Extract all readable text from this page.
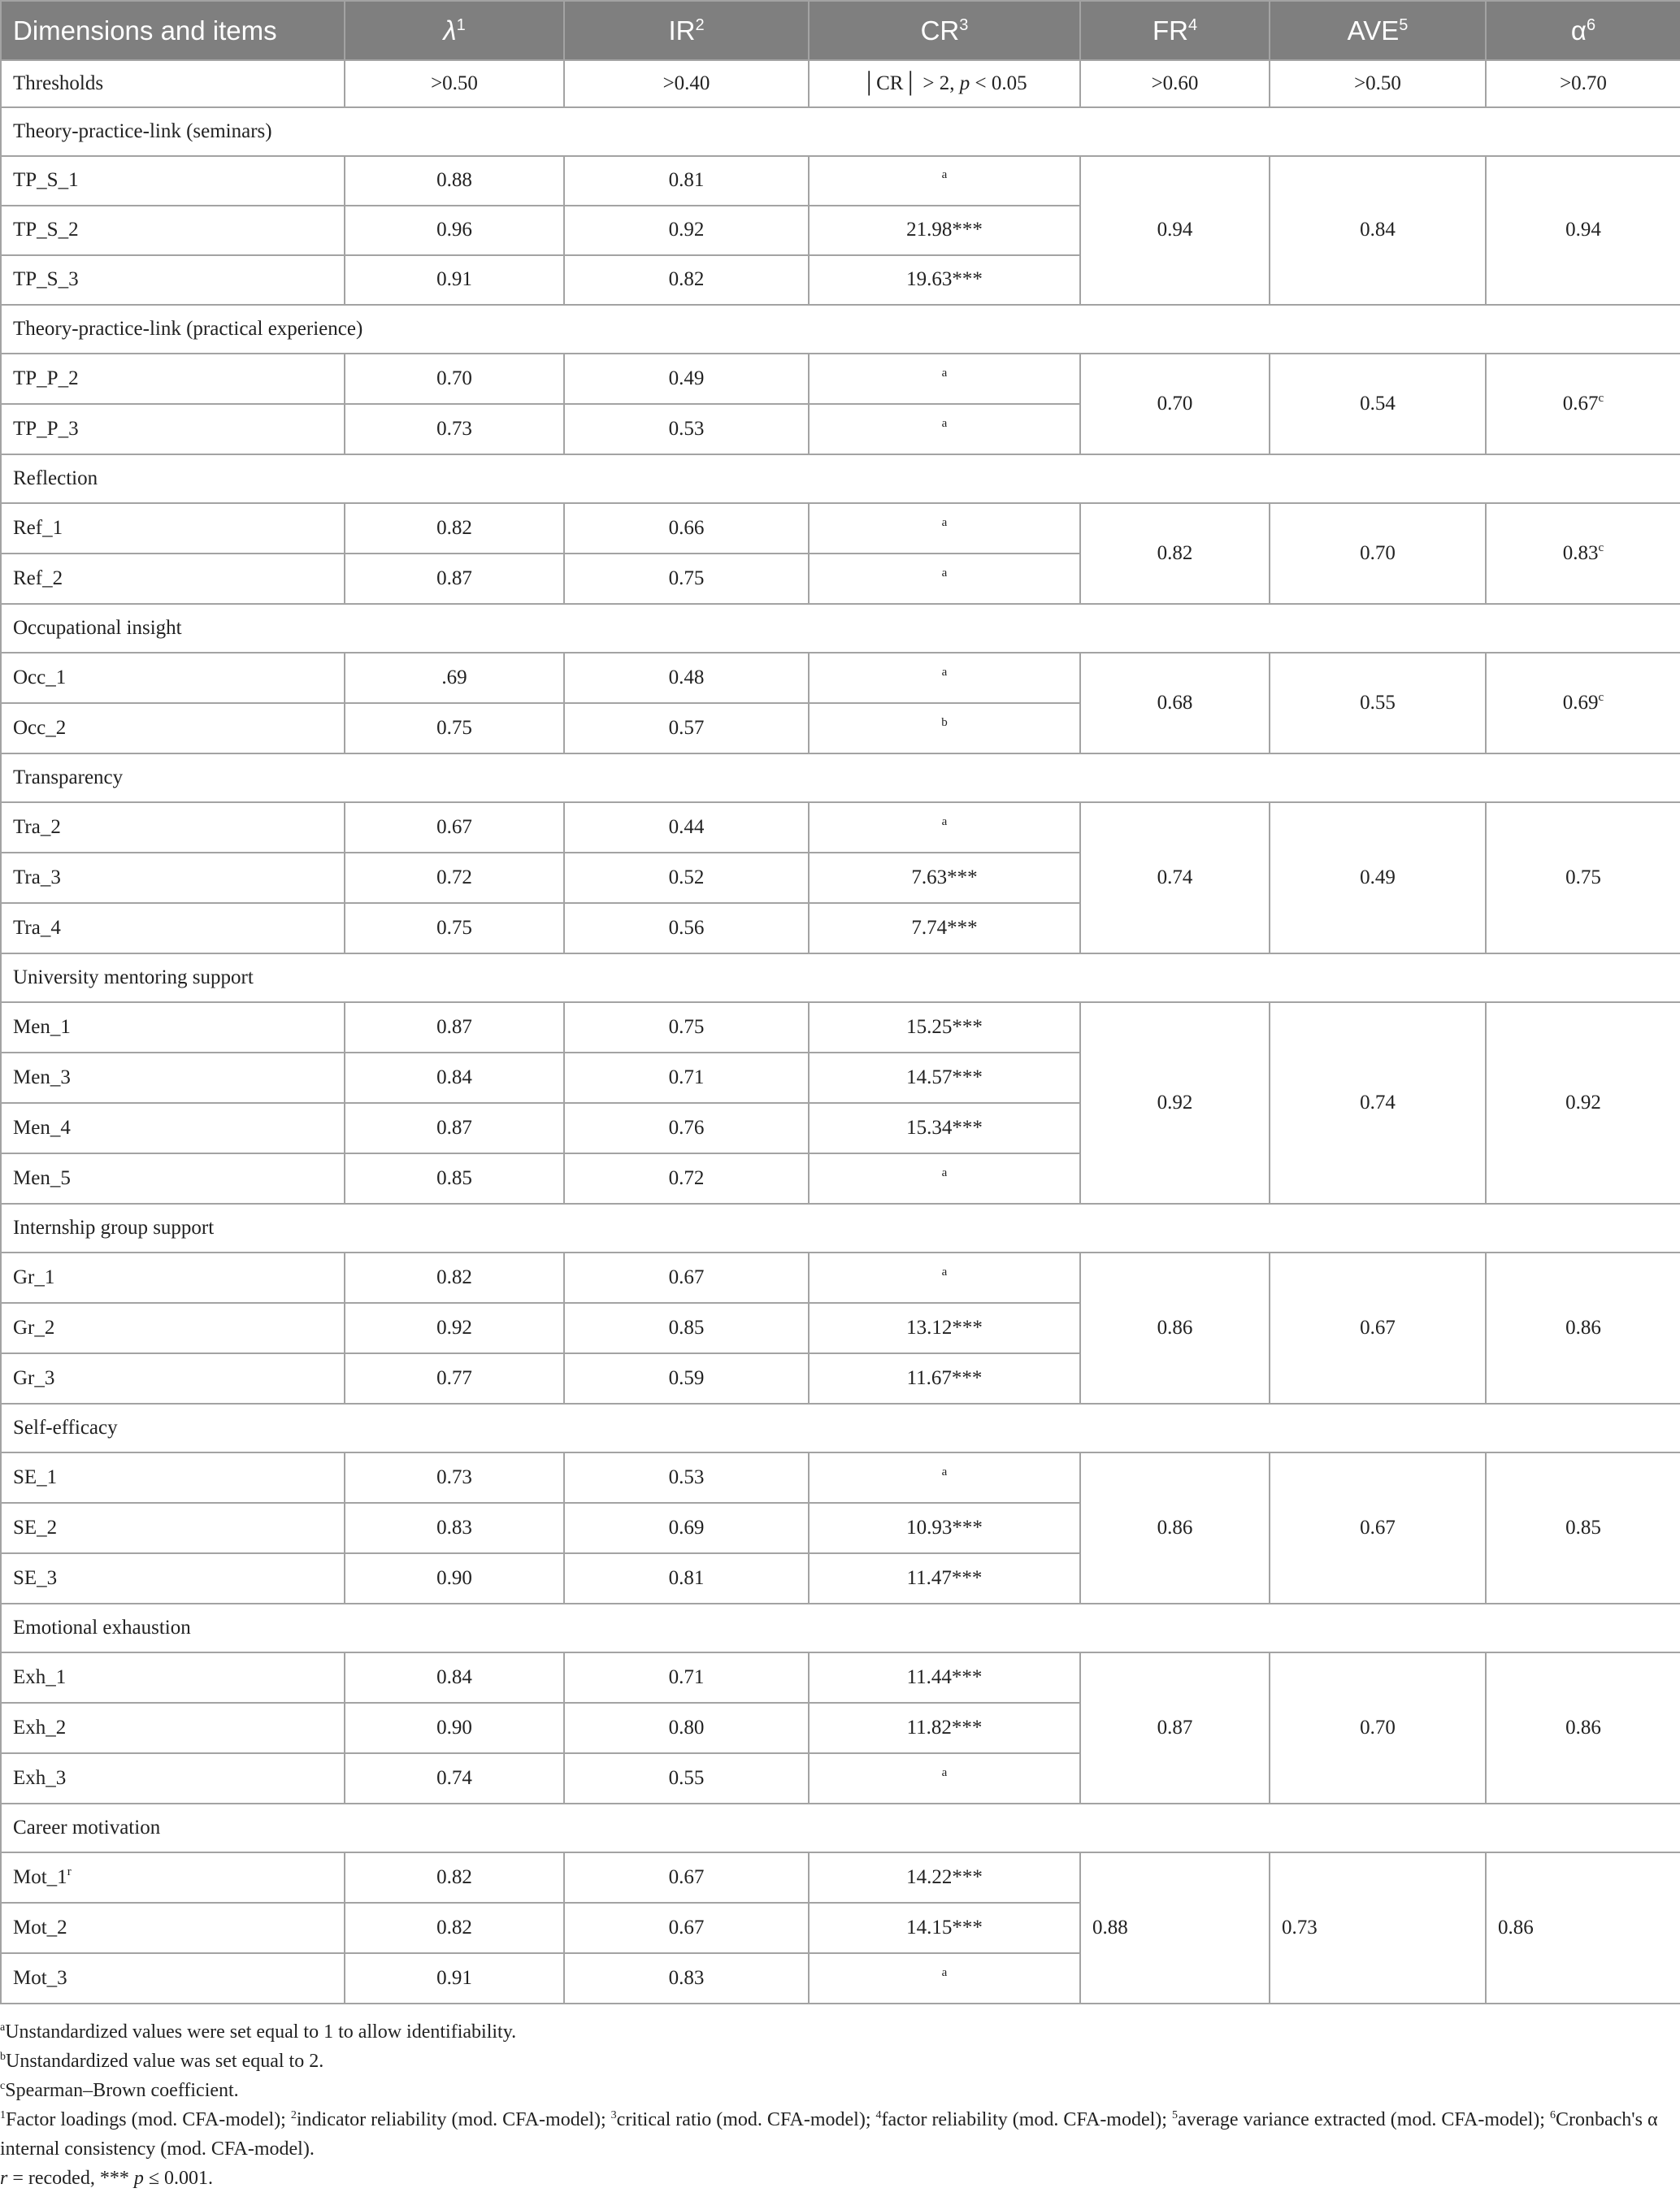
Dimensions and items	$\lambda^1$	$IR^2$	$CR^3$	$FR^4$	AVE$^5$	$\alpha^6$
Thresholds	>0.50	>0.40	│CR│ > 2, p < 0.05	>0.60	>0.50	>0.70
Theory-practice-link (seminars)						
TP_S_1	0.88	0.81	$^a$	0.94	0.84	0.94
TP_S_2	0.96	0.92	21.98***			
TP_S_3	0.91	0.82	19.63***			
Theory-practice-link (practical experience)						
TP_P_2	0.70	0.49	$^a$	0.70	0.54	0.67$^c$
TP_P_3	0.73	0.53	$^a$
Reflection						
Ref_1	0.82	0.66	$^a$	0.82	0.70	0.83$^c$
Ref_2	0.87	0.75	$^a$
Occupational insight						
Occ_1	.69	0.48	$^a$	0.68	0.55	0.69$^c$
Occ_2	0.75	0.57	$^b$
Transparency						
Tra_2	0.67	0.44	$^a$	0.74	0.49	0.75
Tra_3	0.72	0.52	7.63***			
Tra_4	0.75	0.56	7.74***			
University mentoring support						
Men_1	0.87	0.75	15.25***	0.92	0.74	0.92
Men_3	0.84	0.71	14.57***			
Men_4	0.87	0.76	15.34***			
Men_5	0.85	0.72	$^a$
Internship group support						
Gr_1	0.82	0.67	$^a$	0.86	0.67	0.86
Gr_2	0.92	0.85	13.12***			
Gr_3	0.77	0.59	11.67***			
Self-efficacy						
SE_1	0.73	0.53	$^a$	0.86	0.67	0.85
SE_2	0.83	0.69	10.93***			
SE_3	0.90	0.81	11.47***			
Emotional exhaustion						
Exh_1	0.84	0.71	11.44***	0.87	0.70	0.86
Exh_2	0.90	0.80	11.82***			
Exh_3	0.74	0.55	$^a$
Career motivation						
Mot_1$^r$	0.82	0.67	14.22***	0.88	0.73	0.86
Mot_2	0.82	0.67	14.15***			
Mot_3	0.91	0.83	$^a$

$^a$Unstandardized values were set equal to 1 to allow identifiability.

$^b$Unstandardized value was set equal to 2.

$^c$Spearman–Brown coefficient.

$^1$Factor loadings (mod. CFA-model); $^2$indicator reliability (mod. CFA-model); $^3$critical ratio (mod. CFA-model); $^4$factor reliability (mod. CFA-model); $^5$average variance extracted (mod. CFA-model); $^6$Cronbach's α internal consistency (mod. CFA-model).

r = recoded, *** p ≤ 0.001.
